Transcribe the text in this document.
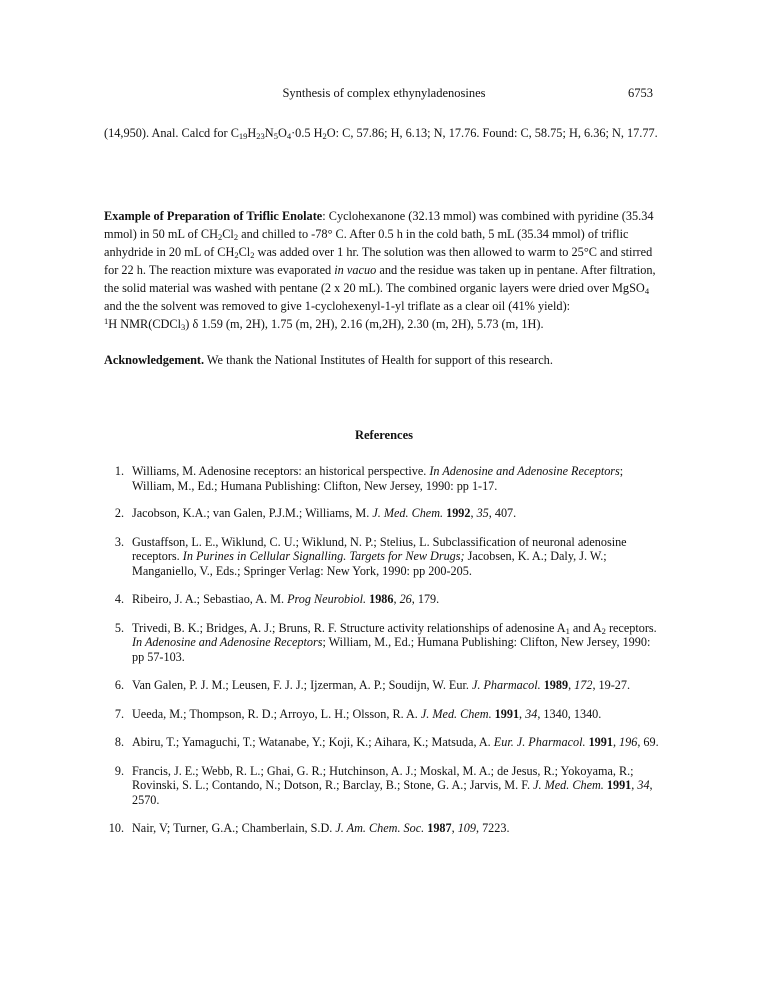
Synthesis of complex ethynyladenosines	6753

(14,950). Anal. Calcd for $C_{19}H_{23}N_5O_4\cdot 0.5$ $H_2O$: C, 57.86; H, 6.13; N, 17.76. Found: C, 58.75; H, 6.36; N, 17.77.

Example of Preparation of Triflic Enolate: Cyclohexanone (32.13 mmol) was combined with pyridine (35.34 mmol) in 50 mL of $CH_2Cl_2$ and chilled to -78° C. After 0.5 h in the cold bath, 5 mL (35.34 mmol) of triflic anhydride in 20 mL of $CH_2Cl_2$ was added over 1 hr. The solution was then allowed to warm to 25°C and stirred for 22 h. The reaction mixture was evaporated in vacuo and the residue was taken up in pentane. After filtration, the solid material was washed with pentane (2 x 20 mL). The combined organic layers were dried over MgSO$_4$ and the the solvent was removed to give 1-cyclohexenyl-1-yl triflate as a clear oil (41% yield):
$^1$H NMR(CDCl$_3$) δ 1.59 (m, 2H), 1.75 (m, 2H), 2.16 (m,2H), 2.30 (m, 2H), 5.73 (m, 1H).

Acknowledgement. We thank the National Institutes of Health for support of this research.

References
1. Williams, M. Adenosine receptors: an historical perspective. In Adenosine and Adenosine Receptors; William, M., Ed.; Humana Publishing: Clifton, New Jersey, 1990: pp 1-17.
2. Jacobson, K.A.; van Galen, P.J.M.; Williams, M. J. Med. Chem. 1992, 35, 407.
3. Gustaffson, L. E., Wiklund, C. U.; Wiklund, N. P.; Stelius, L. Subclassification of neuronal adenosine receptors. In Purines in Cellular Signalling. Targets for New Drugs; Jacobsen, K. A.; Daly, J. W.; Manganiello, V., Eds.; Springer Verlag: New York, 1990: pp 200-205.
4. Ribeiro, J. A.; Sebastiao, A. M. Prog Neurobiol. 1986, 26, 179.
5. Trivedi, B. K.; Bridges, A. J.; Bruns, R. F. Structure activity relationships of adenosine $A_1$ and $A_2$ receptors. In Adenosine and Adenosine Receptors; William, M., Ed.; Humana Publishing: Clifton, New Jersey, 1990: pp 57-103.
6. Van Galen, P. J. M.; Leusen, F. J. J.; Ijzerman, A. P.; Soudijn, W. Eur. J. Pharmacol. 1989, 172, 19-27.
7. Ueeda, M.; Thompson, R. D.; Arroyo, L. H.; Olsson, R. A. J. Med. Chem. 1991, 34, 1340, 1340.
8. Abiru, T.; Yamaguchi, T.; Watanabe, Y.; Koji, K.; Aihara, K.; Matsuda, A. Eur. J. Pharmacol. 1991, 196, 69.
9. Francis, J. E.; Webb, R. L.; Ghai, G. R.; Hutchinson, A. J.; Moskal, M. A.; de Jesus, R.; Yokoyama, R.; Rovinski, S. L.; Contando, N.; Dotson, R.; Barclay, B.; Stone, G. A.; Jarvis, M. F. J. Med. Chem. 1991, 34, 2570.
10. Nair, V; Turner, G.A.; Chamberlain, S.D. J. Am. Chem. Soc. 1987, 109, 7223.
